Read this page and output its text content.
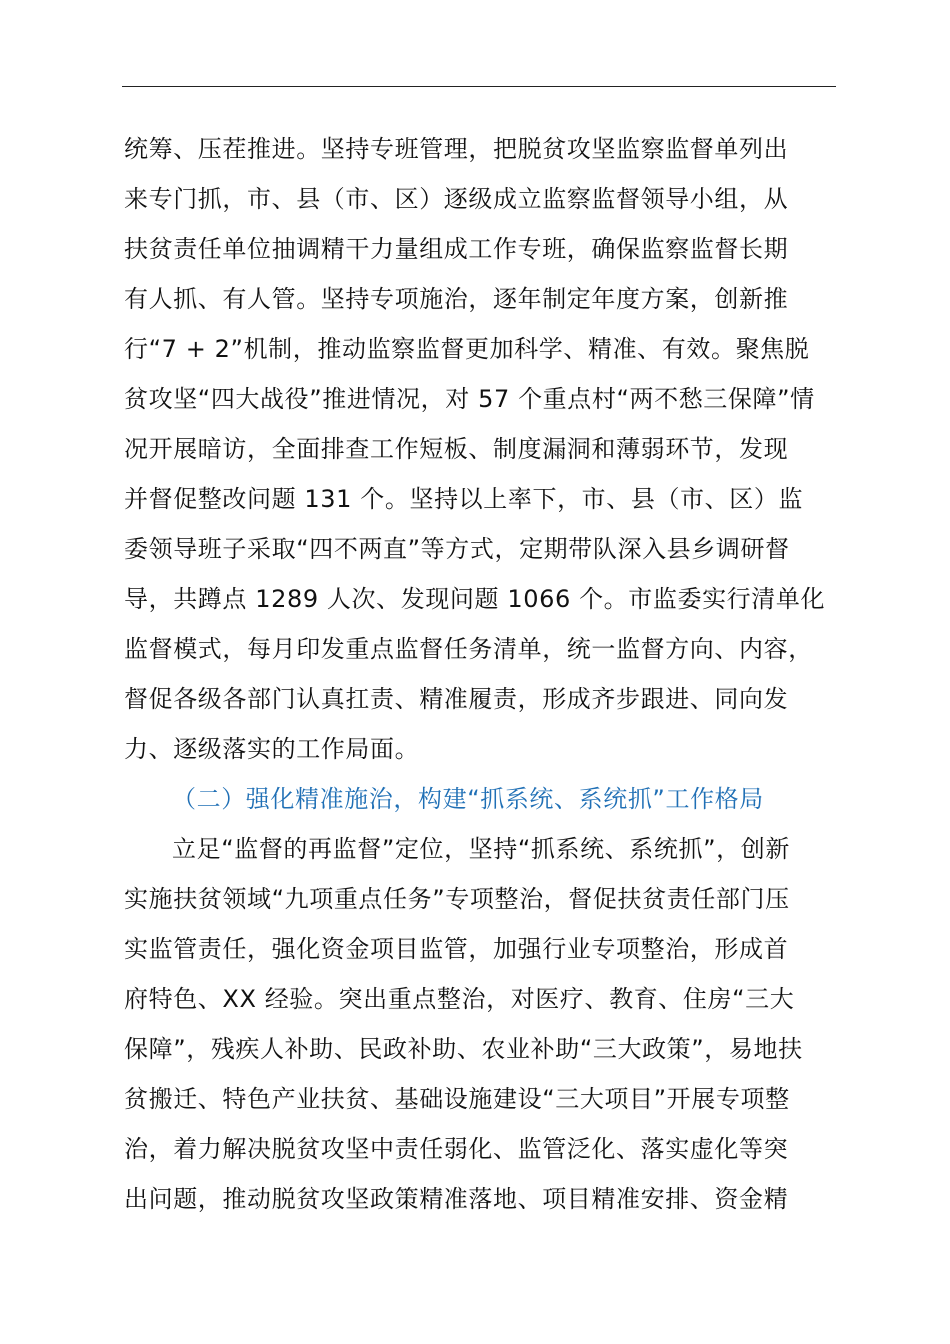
统筹、压茬推进。坚持专班管理，把脱贫攻坚监察监督单列出
来专门抓，市、县（市、区）逐级成立监察监督领导小组，从
扶贫责任单位抽调精干力量组成工作专班，确保监察监督长期
有人抓、有人管。坚持专项施治，逐年制定年度方案，创新推
行“7 + 2”机制，推动监察监督更加科学、精准、有效。聚焦脱
贫攻坚“四大战役”推进情况，对 57 个重点村“两不愁三保障”情
况开展暗访，全面排查工作短板、制度漏洞和薄弱环节，发现
并督促整改问题 131 个。坚持以上率下，市、县（市、区）监
委领导班子采取“四不两直”等方式，定期带队深入县乡调研督
导，共蹲点 1289 人次、发现问题 1066 个。市监委实行清单化
监督模式，每月印发重点监督任务清单，统一监督方向、内容，
督促各级各部门认真扛责、精准履责，形成齐步跟进、同向发
力、逐级落实的工作局面。
（二）强化精准施治，构建“抓系统、系统抓”工作格局
立足“监督的再监督”定位，坚持“抓系统、系统抓”，创新
实施扶贫领域“九项重点任务”专项整治，督促扶贫责任部门压
实监管责任，强化资金项目监管，加强行业专项整治，形成首
府特色、XX 经验。突出重点整治，对医疗、教育、住房“三大
保障”，残疾人补助、民政补助、农业补助“三大政策”，易地扶
贫搬迁、特色产业扶贫、基础设施建设“三大项目”开展专项整
治，着力解决脱贫攻坚中责任弱化、监管泛化、落实虚化等突
出问题，推动脱贫攻坚政策精准落地、项目精准安排、资金精
